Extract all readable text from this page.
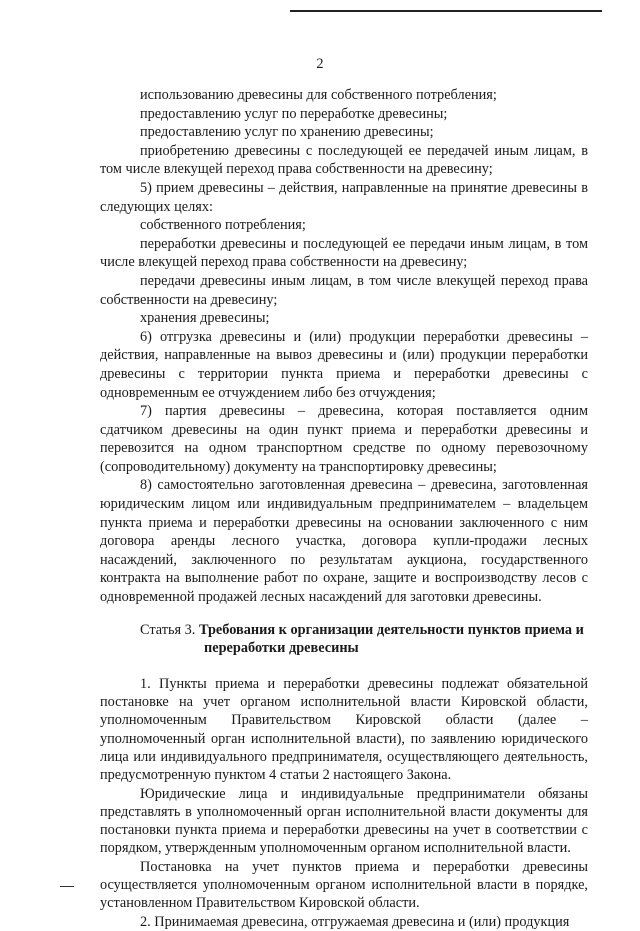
2

использованию древесины для собственного потребления;

предоставлению услуг по переработке древесины;

предоставлению услуг по хранению древесины;

приобретению древесины с последующей ее передачей иным лицам, в том числе влекущей переход права собственности на древесину;

5) прием древесины – действия, направленные на принятие древесины в следующих целях:

собственного потребления;

переработки древесины и последующей ее передачи иным лицам, в том числе влекущей переход права собственности на древесину;

передачи древесины иным лицам, в том числе влекущей переход права собственности на древесину;

хранения древесины;

6) отгрузка древесины и (или) продукции переработки древесины – действия, направленные на вывоз древесины и (или) продукции переработки древесины с территории пункта приема и переработки древесины с одновременным ее отчуждением либо без отчуждения;

7) партия древесины – древесина, которая поставляется одним сдатчиком древесины на один пункт приема и переработки древесины и перевозится на одном транспортном средстве по одному перевозочному (сопроводительному) документу на транспортировку древесины;

8) самостоятельно заготовленная древесина – древесина, заготовленная юридическим лицом или индивидуальным предпринимателем – владельцем пункта приема и переработки древесины на основании заключенного с ним договора аренды лесного участка, договора купли-продажи лесных насаждений, заключенного по результатам аукциона, государственного контракта на выполнение работ по охране, защите и воспроизводству лесов с одновременной продажей лесных насаждений для заготовки древесины.

Статья 3. Требования к организации деятельности пунктов приема и
переработки древесины

1. Пункты приема и переработки древесины подлежат обязательной постановке на учет органом исполнительной власти Кировской области, уполномоченным Правительством Кировской области (далее – уполномоченный орган исполнительной власти), по заявлению юридического лица или индивидуального предпринимателя, осуществляющего деятельность, предусмотренную пунктом 4 статьи 2 настоящего Закона.

Юридические лица и индивидуальные предприниматели обязаны представлять в уполномоченный орган исполнительной власти документы для постановки пункта приема и переработки древесины на учет в соответствии с порядком, утвержденным уполномоченным органом исполнительной власти.

Постановка на учет пунктов приема и переработки древесины осуществляется уполномоченным органом исполнительной власти в порядке, установленном Правительством Кировской области.

2. Принимаемая древесина, отгружаемая древесина и (или) продукция
